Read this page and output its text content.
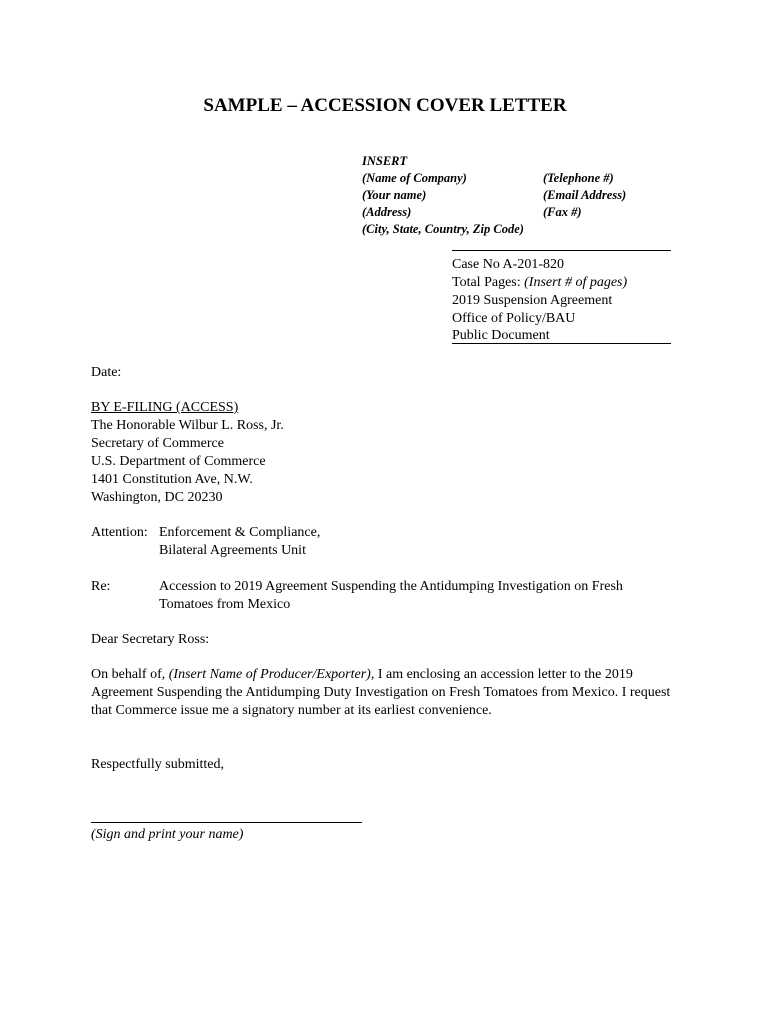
SAMPLE – ACCESSION COVER LETTER
INSERT
(Name of Company)
(Your name)
(Address)
(City, State, Country, Zip Code)
(Telephone #)
(Email Address)
(Fax #)
Case No A-201-820
Total Pages: (Insert # of pages)
2019 Suspension Agreement
Office of Policy/BAU
Public Document
Date:
BY E-FILING (ACCESS)
The Honorable Wilbur L. Ross, Jr.
Secretary of Commerce
U.S. Department of Commerce
1401 Constitution Ave, N.W.
Washington, DC 20230
Attention: Enforcement & Compliance,
Bilateral Agreements Unit
Re:	Accession to 2019 Agreement Suspending the Antidumping Investigation on Fresh
Tomatoes from Mexico
Dear Secretary Ross:
On behalf of, (Insert Name of Producer/Exporter), I am enclosing an accession letter to the 2019 Agreement Suspending the Antidumping Duty Investigation on Fresh Tomatoes from Mexico. I request that Commerce issue me a signatory number at its earliest convenience.
Respectfully submitted,
(Sign and print your name)
